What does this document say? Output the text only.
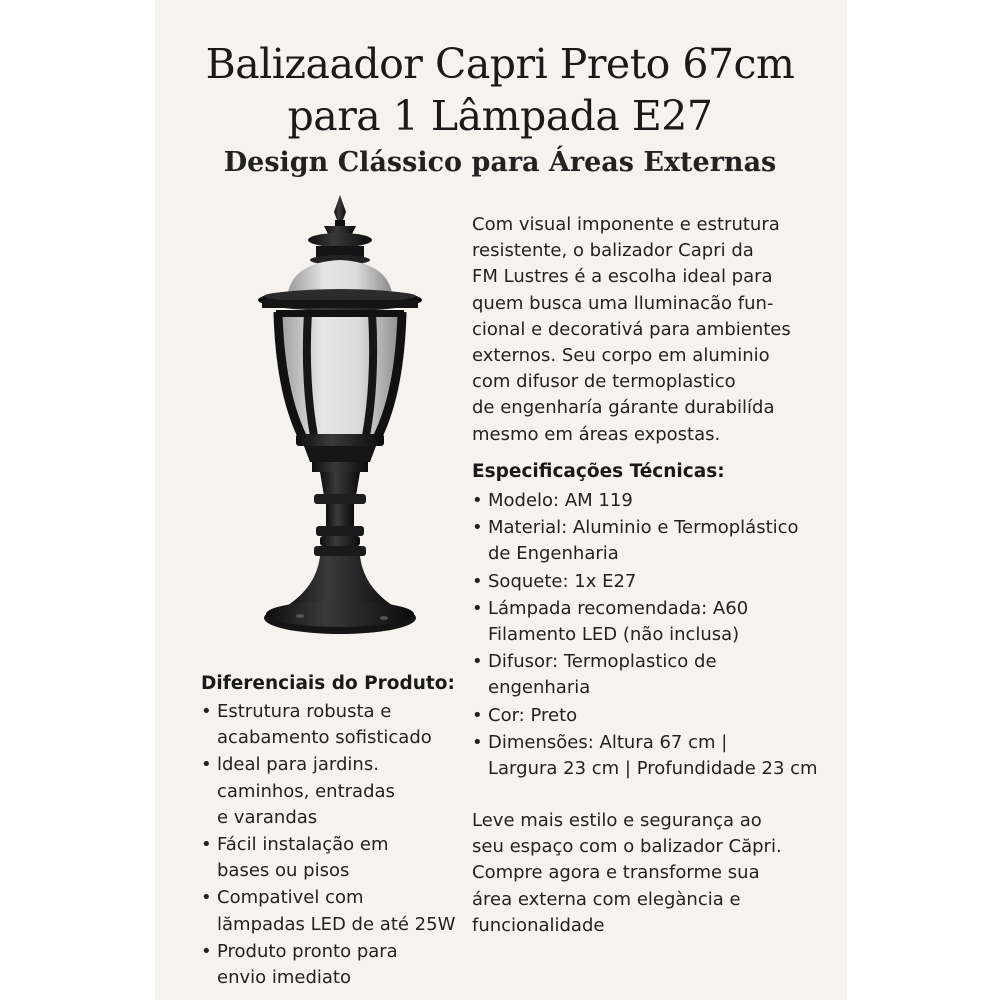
Balizaador Capri Preto 67cm
para 1 Lâmpada E27
Design Clássico para Áreas Externas

Com visual imponente e estrutura
resistente, o balizador Capri da
FM Lustres é a escolha ideal para
quem busca uma lluminacão fun-
cional e decorativá para ambientes
externos. Seu corpo em aluminio
com difusor de termoplastico
de engenharía gárante durabilída
mesmo em áreas expostas.

Especificações Técnicas:
• Modelo: AM 119
• Material: Aluminio e Termoplástico
de Engenharia
• Soquete: 1x E27
• Lámpada recomendada: A60
Filamento LED (não inclusa)
• Difusor: Termoplastico de
engenharia
• Cor: Preto
• Dimensões: Altura 67 cm |
Largura 23 cm | Profundidade 23 cm

Leve mais estilo e segurança ao
seu espaço com o balizador Căpri.
Compre agora e transforme sua
área externa com elegància e
funcionalidade

Diferenciais do Produto:
• Estrutura robusta e
acabamento sofisticado
• ldeal para jardins.
caminhos, entradas
e varandas
• Fácil instalação em
bases ou pisos
• Compativel com
lămpadas LED de até 25W
• Produto pronto para
envio imediato
